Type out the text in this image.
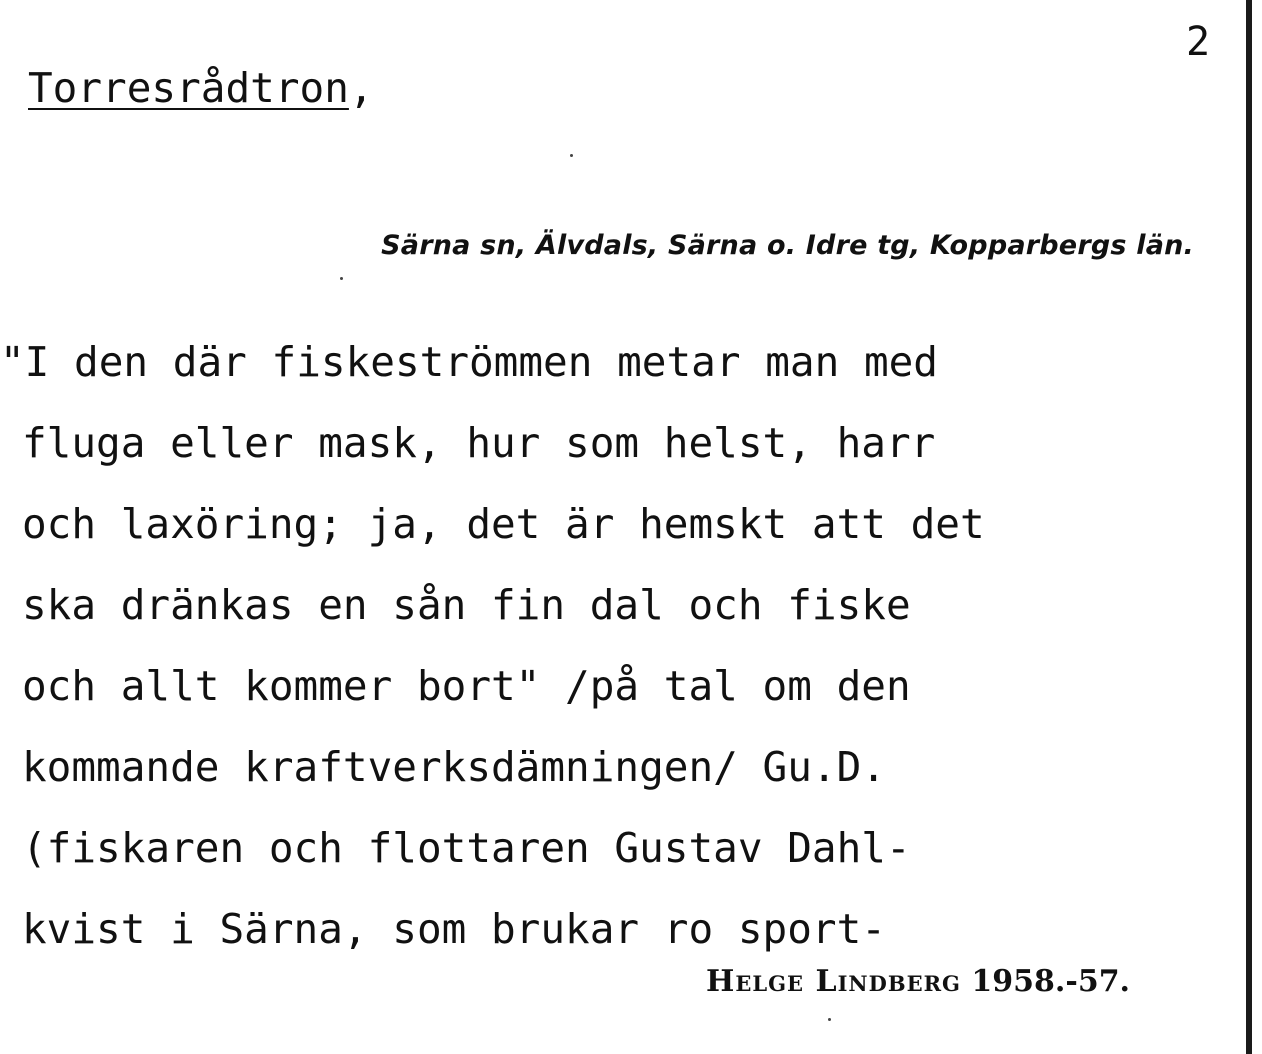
2
Torresrådtron,
Särna sn, Älvdals, Särna o. Idre tg, Kopparbergs län.
"I den där fiskeströmmen metar man med
fluga eller mask, hur som helst, harr
och laxöring; ja, det är hemskt att det
ska dränkas en sån fin dal och fiske
och allt kommer bort" /på tal om den
kommande kraftverksdämningen/ Gu.D.
(fiskaren och flottaren Gustav Dahl-
kvist i Särna, som brukar ro sport-
Helge Lindberg 1958.-57.
